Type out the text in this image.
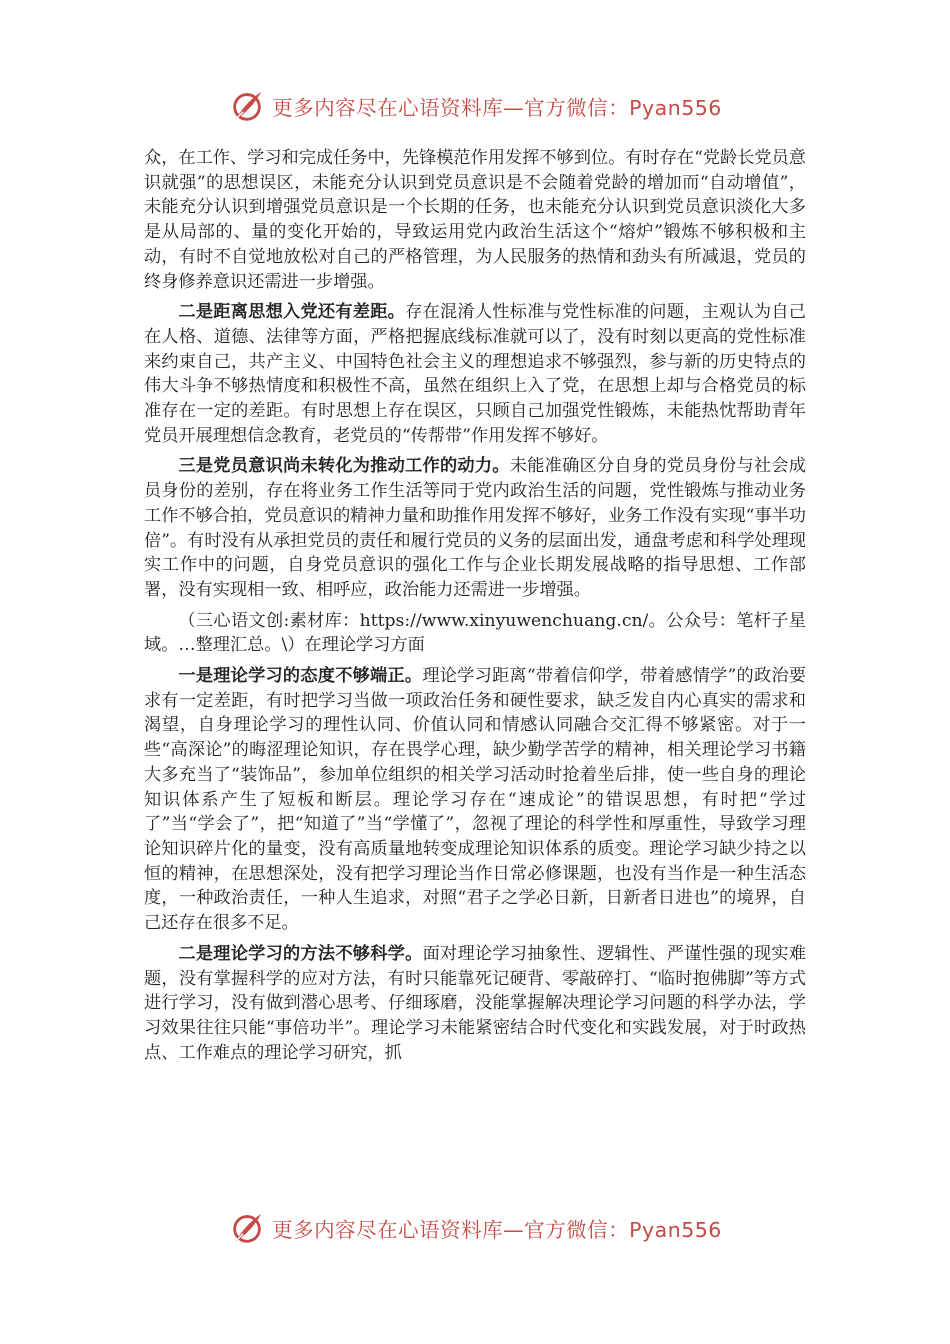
更多内容尽在心语资料库—官方微信：Pyan556

众，在工作、学习和完成任务中，先锋模范作用发挥不够到位。有时存在“党龄长党员意识就强”的思想误区，未能充分认识到党员意识是不会随着党龄的增加而“自动增值”，未能充分认识到增强党员意识是一个长期的任务，也未能充分认识到党员意识淡化大多是从局部的、量的变化开始的，导致运用党内政治生活这个“熔炉”锻炼不够积极和主动，有时不自觉地放松对自己的严格管理，为人民服务的热情和劲头有所减退，党员的终身修养意识还需进一步增强。

二是距离思想入党还有差距。存在混淆人性标准与党性标准的问题，主观认为自己在人格、道德、法律等方面，严格把握底线标准就可以了，没有时刻以更高的党性标准来约束自己，共产主义、中国特色社会主义的理想追求不够强烈，参与新的历史特点的伟大斗争不够热情度和积极性不高，虽然在组织上入了党，在思想上却与合格党员的标准存在一定的差距。有时思想上存在误区，只顾自己加强党性锻炼，未能热忱帮助青年党员开展理想信念教育，老党员的“传帮带”作用发挥不够好。

三是党员意识尚未转化为推动工作的动力。未能准确区分自身的党员身份与社会成员身份的差别，存在将业务工作生活等同于党内政治生活的问题，党性锻炼与推动业务工作不够合拍，党员意识的精神力量和助推作用发挥不够好，业务工作没有实现“事半功倍”。有时没有从承担党员的责任和履行党员的义务的层面出发，通盘考虑和科学处理现实工作中的问题，自身党员意识的强化工作与企业长期发展战略的指导思想、工作部署，没有实现相一致、相呼应，政治能力还需进一步增强。

（三心语文创:素材库：https://www.xinyuwenchuang.cn/。公众号：笔杆子星域。…整理汇总。\）在理论学习方面

一是理论学习的态度不够端正。理论学习距离“带着信仰学，带着感情学”的政治要求有一定差距，有时把学习当做一项政治任务和硬性要求，缺乏发自内心真实的需求和渴望，自身理论学习的理性认同、价值认同和情感认同融合交汇得不够紧密。对于一些“高深论”的晦涩理论知识，存在畏学心理，缺少勤学苦学的精神，相关理论学习书籍大多充当了“装饰品”，参加单位组织的相关学习活动时抢着坐后排，使一些自身的理论知识体系产生了短板和断层。理论学习存在“速成论”的错误思想，有时把“学过了”当“学会了”，把“知道了”当“学懂了”，忽视了理论的科学性和厚重性，导致学习理论知识碎片化的量变，没有高质量地转变成理论知识体系的质变。理论学习缺少持之以恒的精神，在思想深处，没有把学习理论当作日常必修课题，也没有当作是一种生活态度，一种政治责任，一种人生追求，对照“君子之学必日新，日新者日进也”的境界，自己还存在很多不足。

二是理论学习的方法不够科学。面对理论学习抽象性、逻辑性、严谨性强的现实难题，没有掌握科学的应对方法，有时只能靠死记硬背、零敲碎打、“临时抱佛脚”等方式进行学习，没有做到潜心思考、仔细琢磨，没能掌握解决理论学习问题的科学办法，学习效果往往只能“事倍功半”。理论学习未能紧密结合时代变化和实践发展，对于时政热点、工作难点的理论学习研究，抓

更多内容尽在心语资料库—官方微信：Pyan556
